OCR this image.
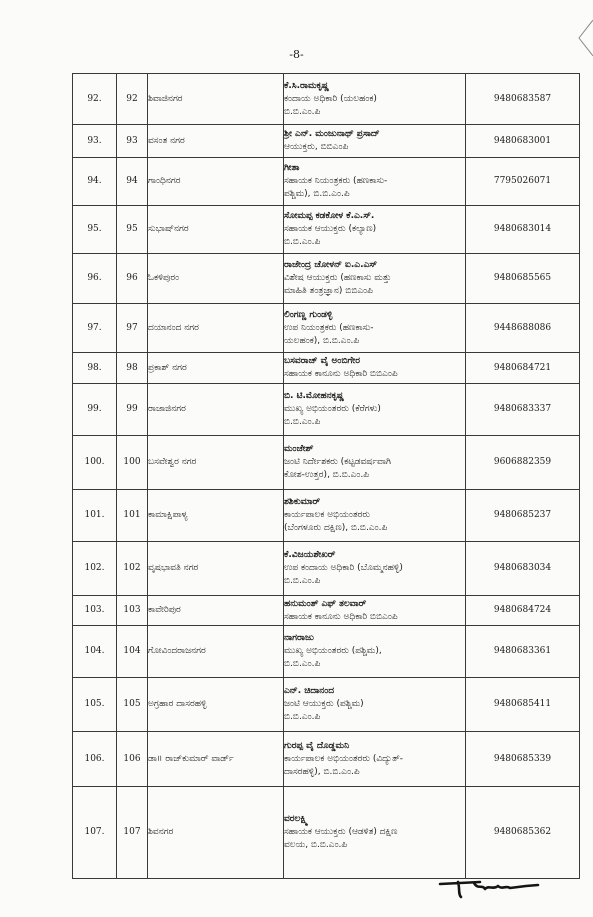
-8-
92.	92	ಶಿವಾಜಿನಗರ	ಕೆ.ಸಿ.ರಾಮಕೃಷ್ಣ
ಕಂದಾಯ ಅಧಿಕಾರಿ (ಯಲಹಂಕ)
ಬಿ.ಬಿ.ಎಂ.ಪಿ	9480683587
93.	93	ವಸಂತ ನಗರ	ಶ್ರೀ ಎನ್. ಮಂಜುನಾಥ್ ಪ್ರಸಾದ್
ಆಯುಕ್ತರು, ಬಿಬಿಎಂಪಿ	9480683001
94.	94	ಗಾಂಧಿನಗರ	ಗೀತಾ
ಸಹಾಯಕ ನಿಯಂತ್ರಕರು (ಹಣಕಾಸು-
ಪಶ್ಚಿಮ), ಬಿ.ಬಿ.ಎಂ.ಪಿ	7795026071
95.	95	ಸುಭಾಷ್‌ನಗರ	ಸೋಮಪ್ಪ ಕಡಕೋಳ ಕೆ.ಎ.ಸ್.
ಸಹಾಯಕ ಆಯುಕ್ತರು (ಕಲ್ಯಾಣ)
ಬಿ.ಬಿ.ಎಂ.ಪಿ	9480683014
96.	96	ಓಕಳಿಪುರಂ	ರಾಜೇಂದ್ರ ಚೋಳನ್ ಐ.ಎ.ಎಸ್
ವಿಶೇಷ ಆಯುಕ್ತರು (ಹಣಕಾಸು ಮತ್ತು
ಮಾಹಿತಿ ತಂತ್ರಜ್ಞಾನ) ಬಿಬಿಎಂಪಿ	9480685565
97.	97	ದಯಾನಂದ ನಗರ	ಲಿಂಗಣ್ಣ ಗುಂಡಳ್ಳಿ
ಉಪ ನಿಯಂತ್ರಕರು (ಹಣಕಾಸು-
ಯಲಹಂಕ), ಬಿ.ಬಿ.ಎಂ.ಪಿ	9448688086
98.	98	ಪ್ರಕಾಶ್ ನಗರ	ಬಸವರಾಜ್ ವೈ ಅಂಬಿಗೇರ
ಸಹಾಯಕ ಕಾನೂನು ಅಧಿಕಾರಿ ಬಿಬಿಎಂಪಿ	9480684721
99.	99	ರಾಜಾಜಿನಗರ	ಬಿ. ಟಿ.ಮೋಹನಕೃಷ್ಣ
ಮುಖ್ಯ ಅಭಿಯಂತರರು (ಕೆರೆಗಳು)
ಬಿ.ಬಿ.ಎಂ.ಪಿ	9480683337
100.	100	ಬಸವೇಶ್ವರ ನಗರ	ಮಂಜೇಶ್
ಜಂಟಿ ನಿರ್ದೇಶಕರು (ಕಟ್ಟಡವರ್ಷವಾಗಿ
ಕೋಶ-ಉತ್ತರ), ಬಿ.ಬಿ.ಎಂ.ಪಿ	9606882359
101.	101	ಕಾಮಾಕ್ಷಿಪಾಳ್ಯ	ಶಶಿಕುಮಾರ್
ಕಾರ್ಯಪಾಲಕ ಅಭಿಯಂತರರು
(ಬೆಂಗಳೂರು ದಕ್ಷಿಣ), ಬಿ.ಬಿ.ಎಂ.ಪಿ	9480685237
102.	102	ವೃಷಭಾವತಿ ನಗರ	ಕೆ.ವಿಜಯಶೇಖರ್
ಉಪ ಕಂದಾಯ ಅಧಿಕಾರಿ (ಬೊಮ್ಮನಹಳ್ಳಿ)
ಬಿ.ಬಿ.ಎಂ.ಪಿ	9480683034
103.	103	ಕಾವೇರಿಪುರ	ಹನುಮಂತ್ ಎಫ್ ತಲವಾರ್
ಸಹಾಯಕ ಕಾನೂನು ಅಧಿಕಾರಿ ಬಿಬಿಎಂಪಿ	9480684724
104.	104	ಗೋವಿಂದರಾಜನಗರ	ನಾಗರಾಜು
ಮುಖ್ಯ ಅಭಿಯಂತರರು (ಪಶ್ಚಿಮ),
ಬಿ.ಬಿ.ಎಂ.ಪಿ	9480683361
105.	105	ಅಗ್ರಹಾರ ದಾಸರಹಳ್ಳಿ	ಎನ್. ಚಿದಾನಂದ
ಜಂಟಿ ಆಯುಕ್ತರು (ಪಶ್ಚಿಮ)
ಬಿ.ಬಿ.ಎಂ.ಪಿ	9480685411
106.	106	ಡಾ॥ ರಾಜ್‌ಕುಮಾರ್ ವಾರ್ಡ್	ಗುರಪ್ಪ ವೈ ದೊಡ್ಡಮನಿ
ಕಾರ್ಯಪಾಲಕ ಅಭಿಯಂತರರು (ವಿದ್ಯುತ್-
ದಾಸರಹಳ್ಳಿ), ಬಿ.ಬಿ.ಎಂ.ಪಿ	9480685339
107.	107	ಶಿವನಗರ	ವರಲಕ್ಷ್ಮಿ
ಸಹಾಯಕ ಆಯುಕ್ತರು (ಆಡಳಿತ) ದಕ್ಷಿಣ
ವಲಯ, ಬಿ.ಬಿ.ಎಂ.ಪಿ	9480685362
